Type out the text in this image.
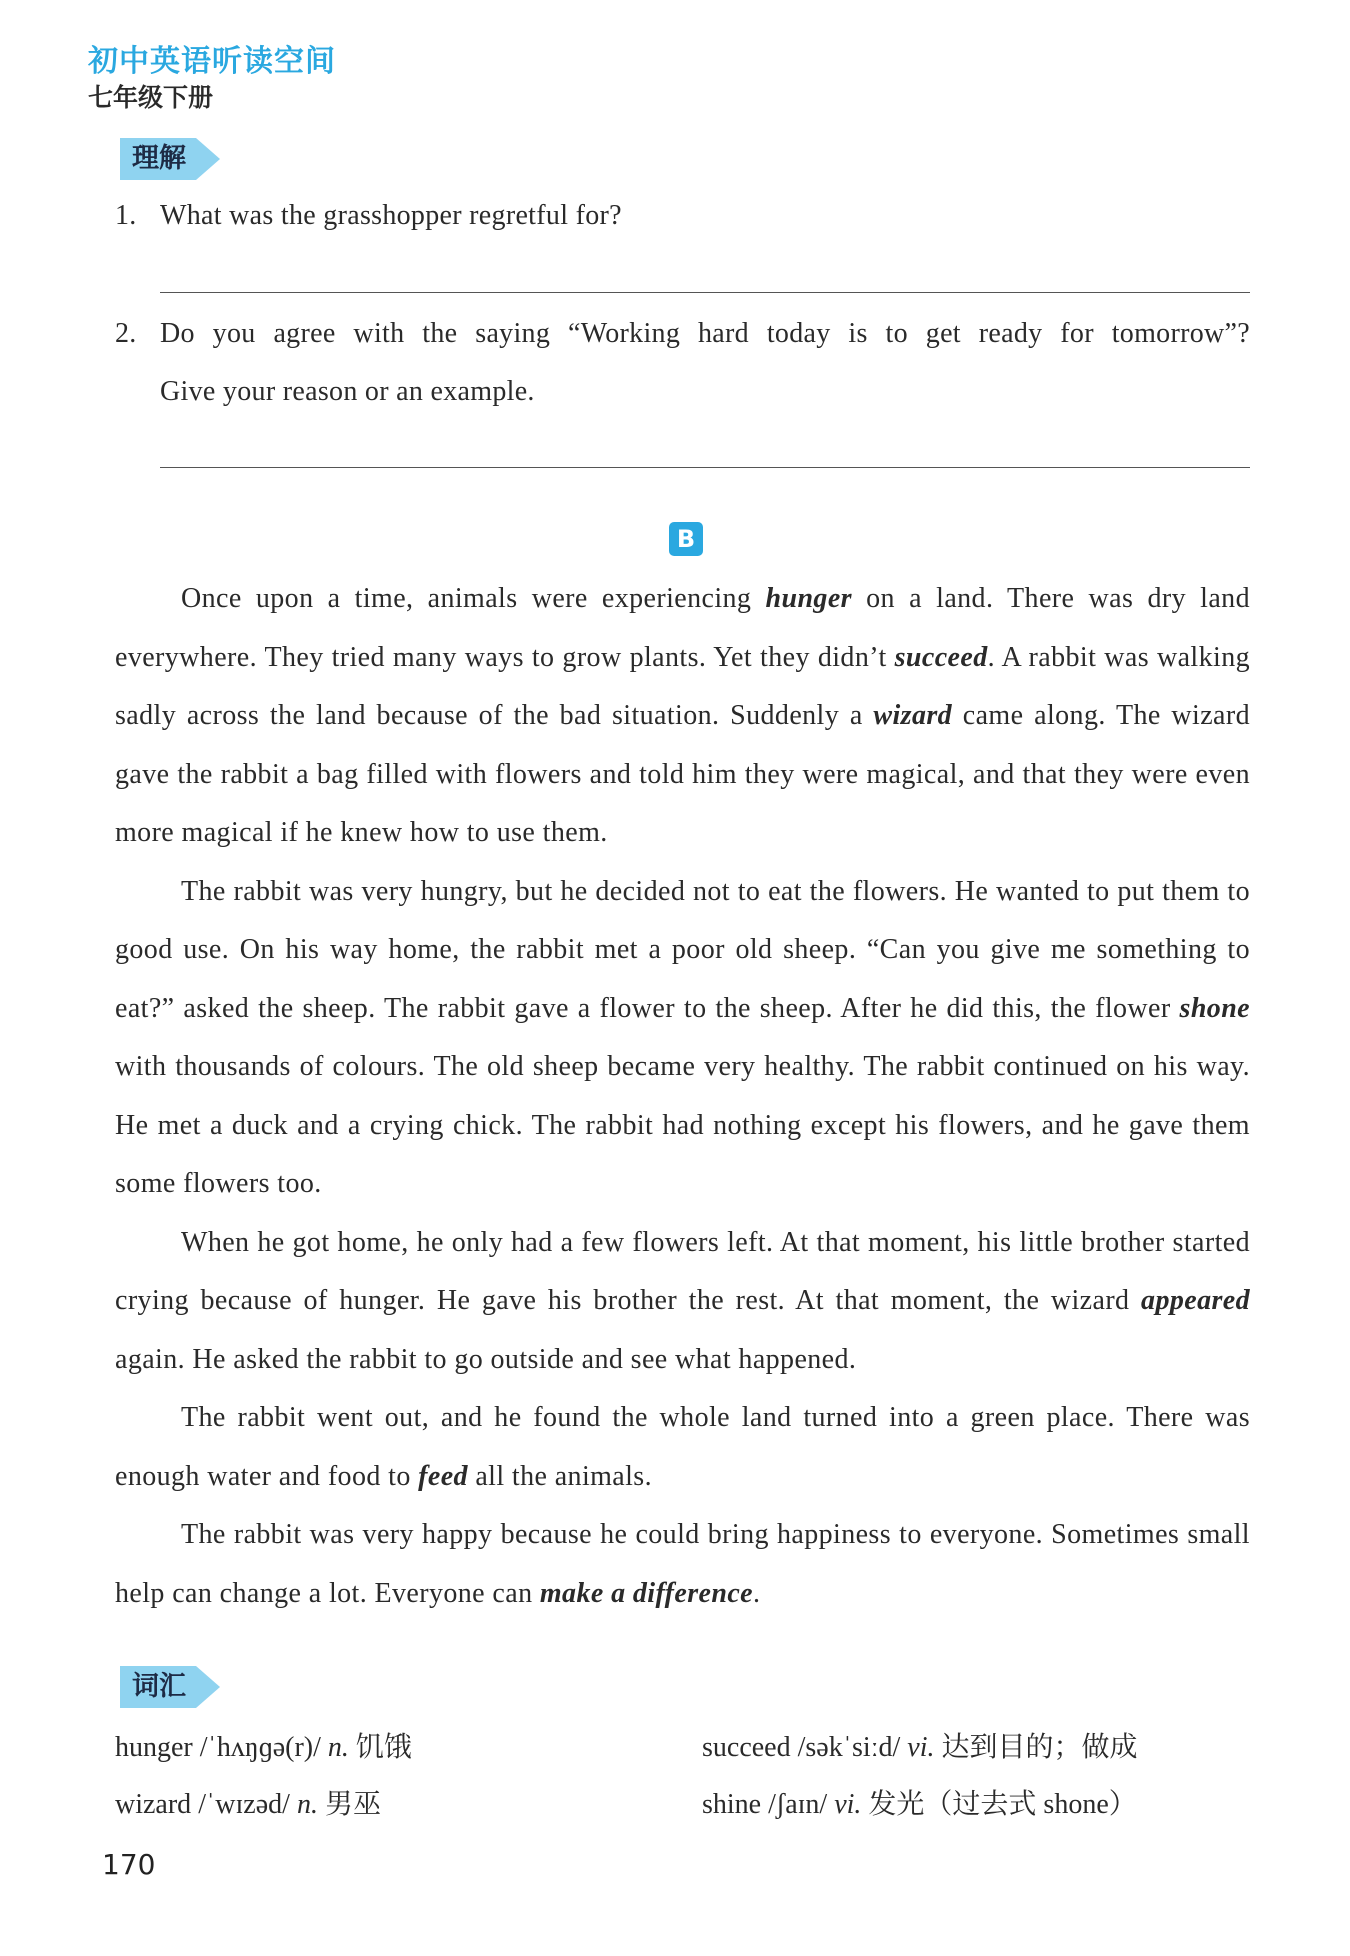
初中英语听读空间
七年级下册
理解
1. What was the grasshopper regretful for?
2. Do you agree with the saying “Working hard today is to get ready for tomorrow”?
Give your reason or an example.
B

Once upon a time, animals were experiencing hunger on a land. There was dry land everywhere. They tried many ways to grow plants. Yet they didn’t succeed. A rabbit was walking sadly across the land because of the bad situation. Suddenly a wizard came along. The wizard gave the rabbit a bag filled with flowers and told him they were magical, and that they were even more magical if he knew how to use them.

The rabbit was very hungry, but he decided not to eat the flowers. He wanted to put them to good use. On his way home, the rabbit met a poor old sheep. “Can you give me something to eat?” asked the sheep. The rabbit gave a flower to the sheep. After he did this, the flower shone with thousands of colours. The old sheep became very healthy. The rabbit continued on his way. He met a duck and a crying chick. The rabbit had nothing except his flowers, and he gave them some flowers too.

When he got home, he only had a few flowers left. At that moment, his little brother started crying because of hunger. He gave his brother the rest. At that moment, the wizard appeared again. He asked the rabbit to go outside and see what happened.

The rabbit went out, and he found the whole land turned into a green place. There was enough water and food to feed all the animals.

The rabbit was very happy because he could bring happiness to everyone. Sometimes small help can change a lot. Everyone can make a difference.

词汇
hunger /ˈhʌŋɡə(r)/ n. 饥饿	succeed /səkˈsiːd/ vi. 达到目的；做成
wizard /ˈwɪzəd/ n. 男巫	shine /ʃaɪn/ vi. 发光（过去式 shone）
170
